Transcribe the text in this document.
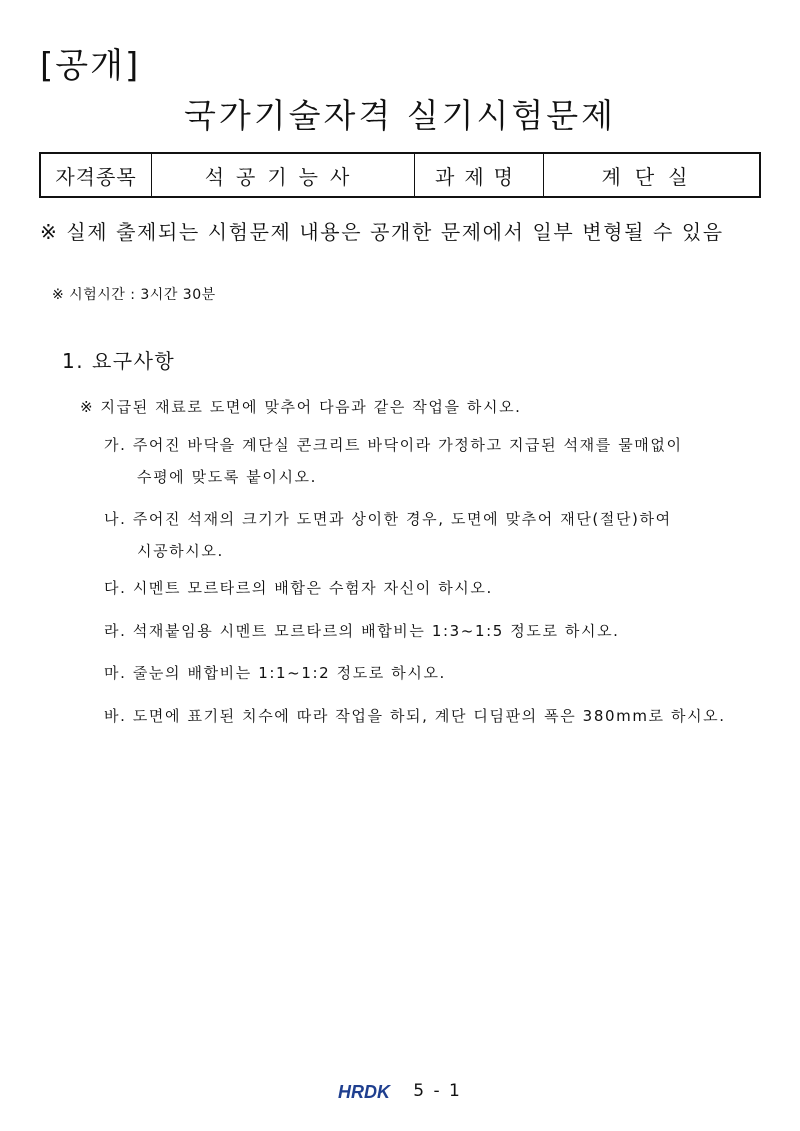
[공개]
국가기술자격 실기시험문제
자격종목	석공기능사	과제명	계단실
※ 실제 출제되는 시험문제 내용은 공개한 문제에서 일부 변형될 수 있음
※ 시험시간 : 3시간 30분
1. 요구사항
※ 지급된 재료로 도면에 맞추어 다음과 같은 작업을 하시오.
가. 주어진 바닥을 계단실 콘크리트 바닥이라 가정하고 지급된 석재를 물매없이
수평에 맞도록 붙이시오.
나. 주어진 석재의 크기가 도면과 상이한 경우, 도면에 맞추어 재단(절단)하여
시공하시오.
다. 시멘트 모르타르의 배합은 수험자 자신이 하시오.
라. 석재붙임용 시멘트 모르타르의 배합비는 1:3~1:5 정도로 하시오.
마. 줄눈의 배합비는 1:1~1:2 정도로 하시오.
바. 도면에 표기된 치수에 따라 작업을 하되, 계단 디딤판의 폭은 380mm로 하시오.
HRDK 5 - 1
